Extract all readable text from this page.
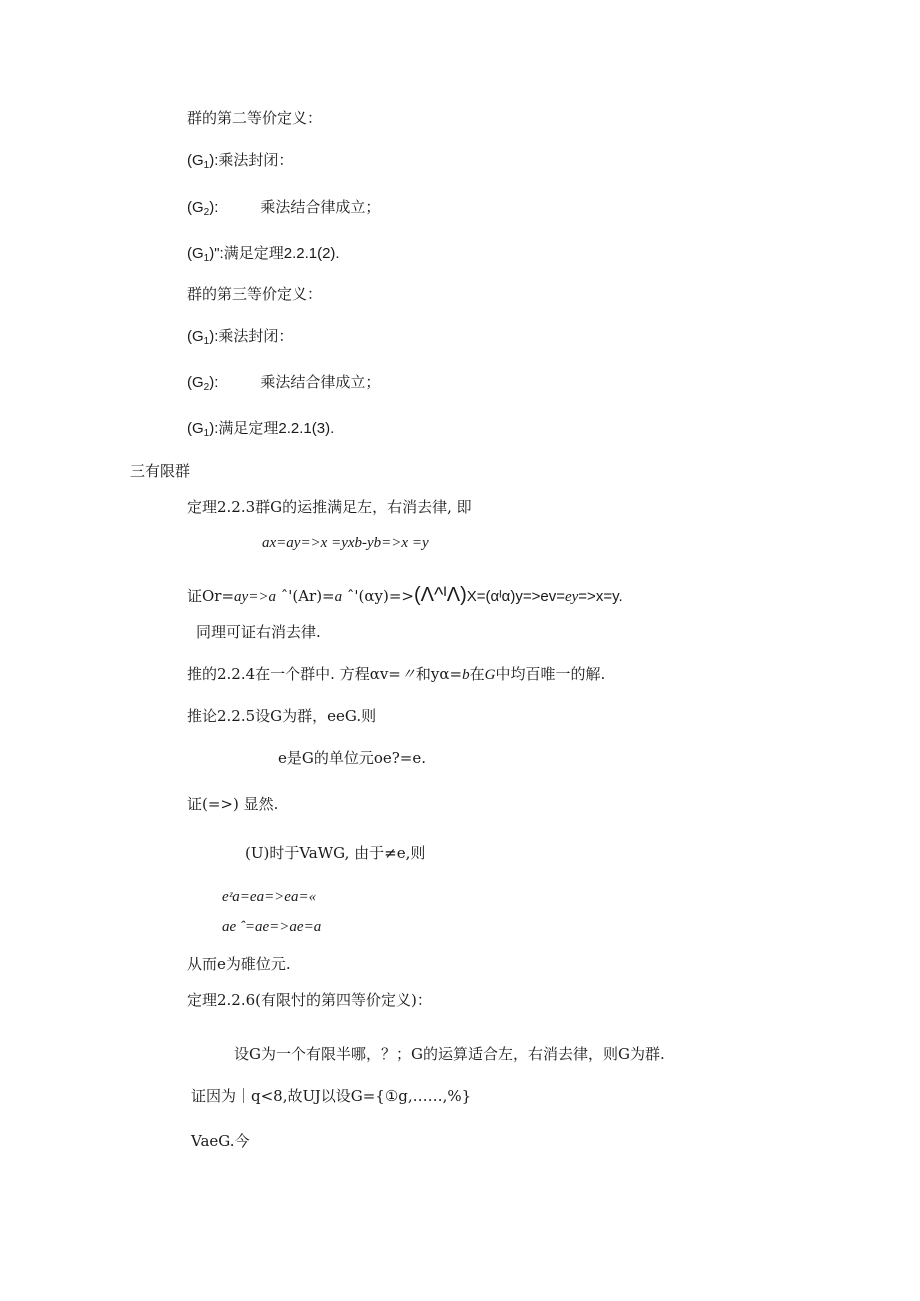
群的第二等价定义：
$(G_1)$:乘法封闭：
$(G_2)$:	乘法结合律成立；
$(G_1)$":满足定理2.2.1(2).
群的第三等价定义：
$(G_1)$:乘法封闭：
$(G_2)$:	乘法结合律成立；
$(G_1)$:满足定理2.2.1(3).
三有限群
定理2.2.3群G的运推满足左，右消去律, 即
ax=ay=>x =yxb-yb=>x =y
证Or=ay=>a ˆ'(Ar)=a ˆ'(αy)=>(Λ^ᴵΛ)X=(αᴵα)y=>ev=ey=>x=y.
同理可证右消去律.
推的2.2.4在一个群中. 方程αv=〃和yα=b在G中均百唯一的解.
推论2.2.5设G为群，eeG.则
e是G的单位元oe?=e.
证(=>) 显然.
(U)时于VaWG, 由于≠e,则
eᶻa=ea=>ea=«
ae ˆ=ae=>ae=a
从而e为碓位元.
定理2.2.6(有限忖的第四等价定义)：
设G为一个有限半哪，？；G的运算适合左，右消去律，则G为群.
证因为｜q<8,故UJ以设G={①g,……,%}
VaeG.今
